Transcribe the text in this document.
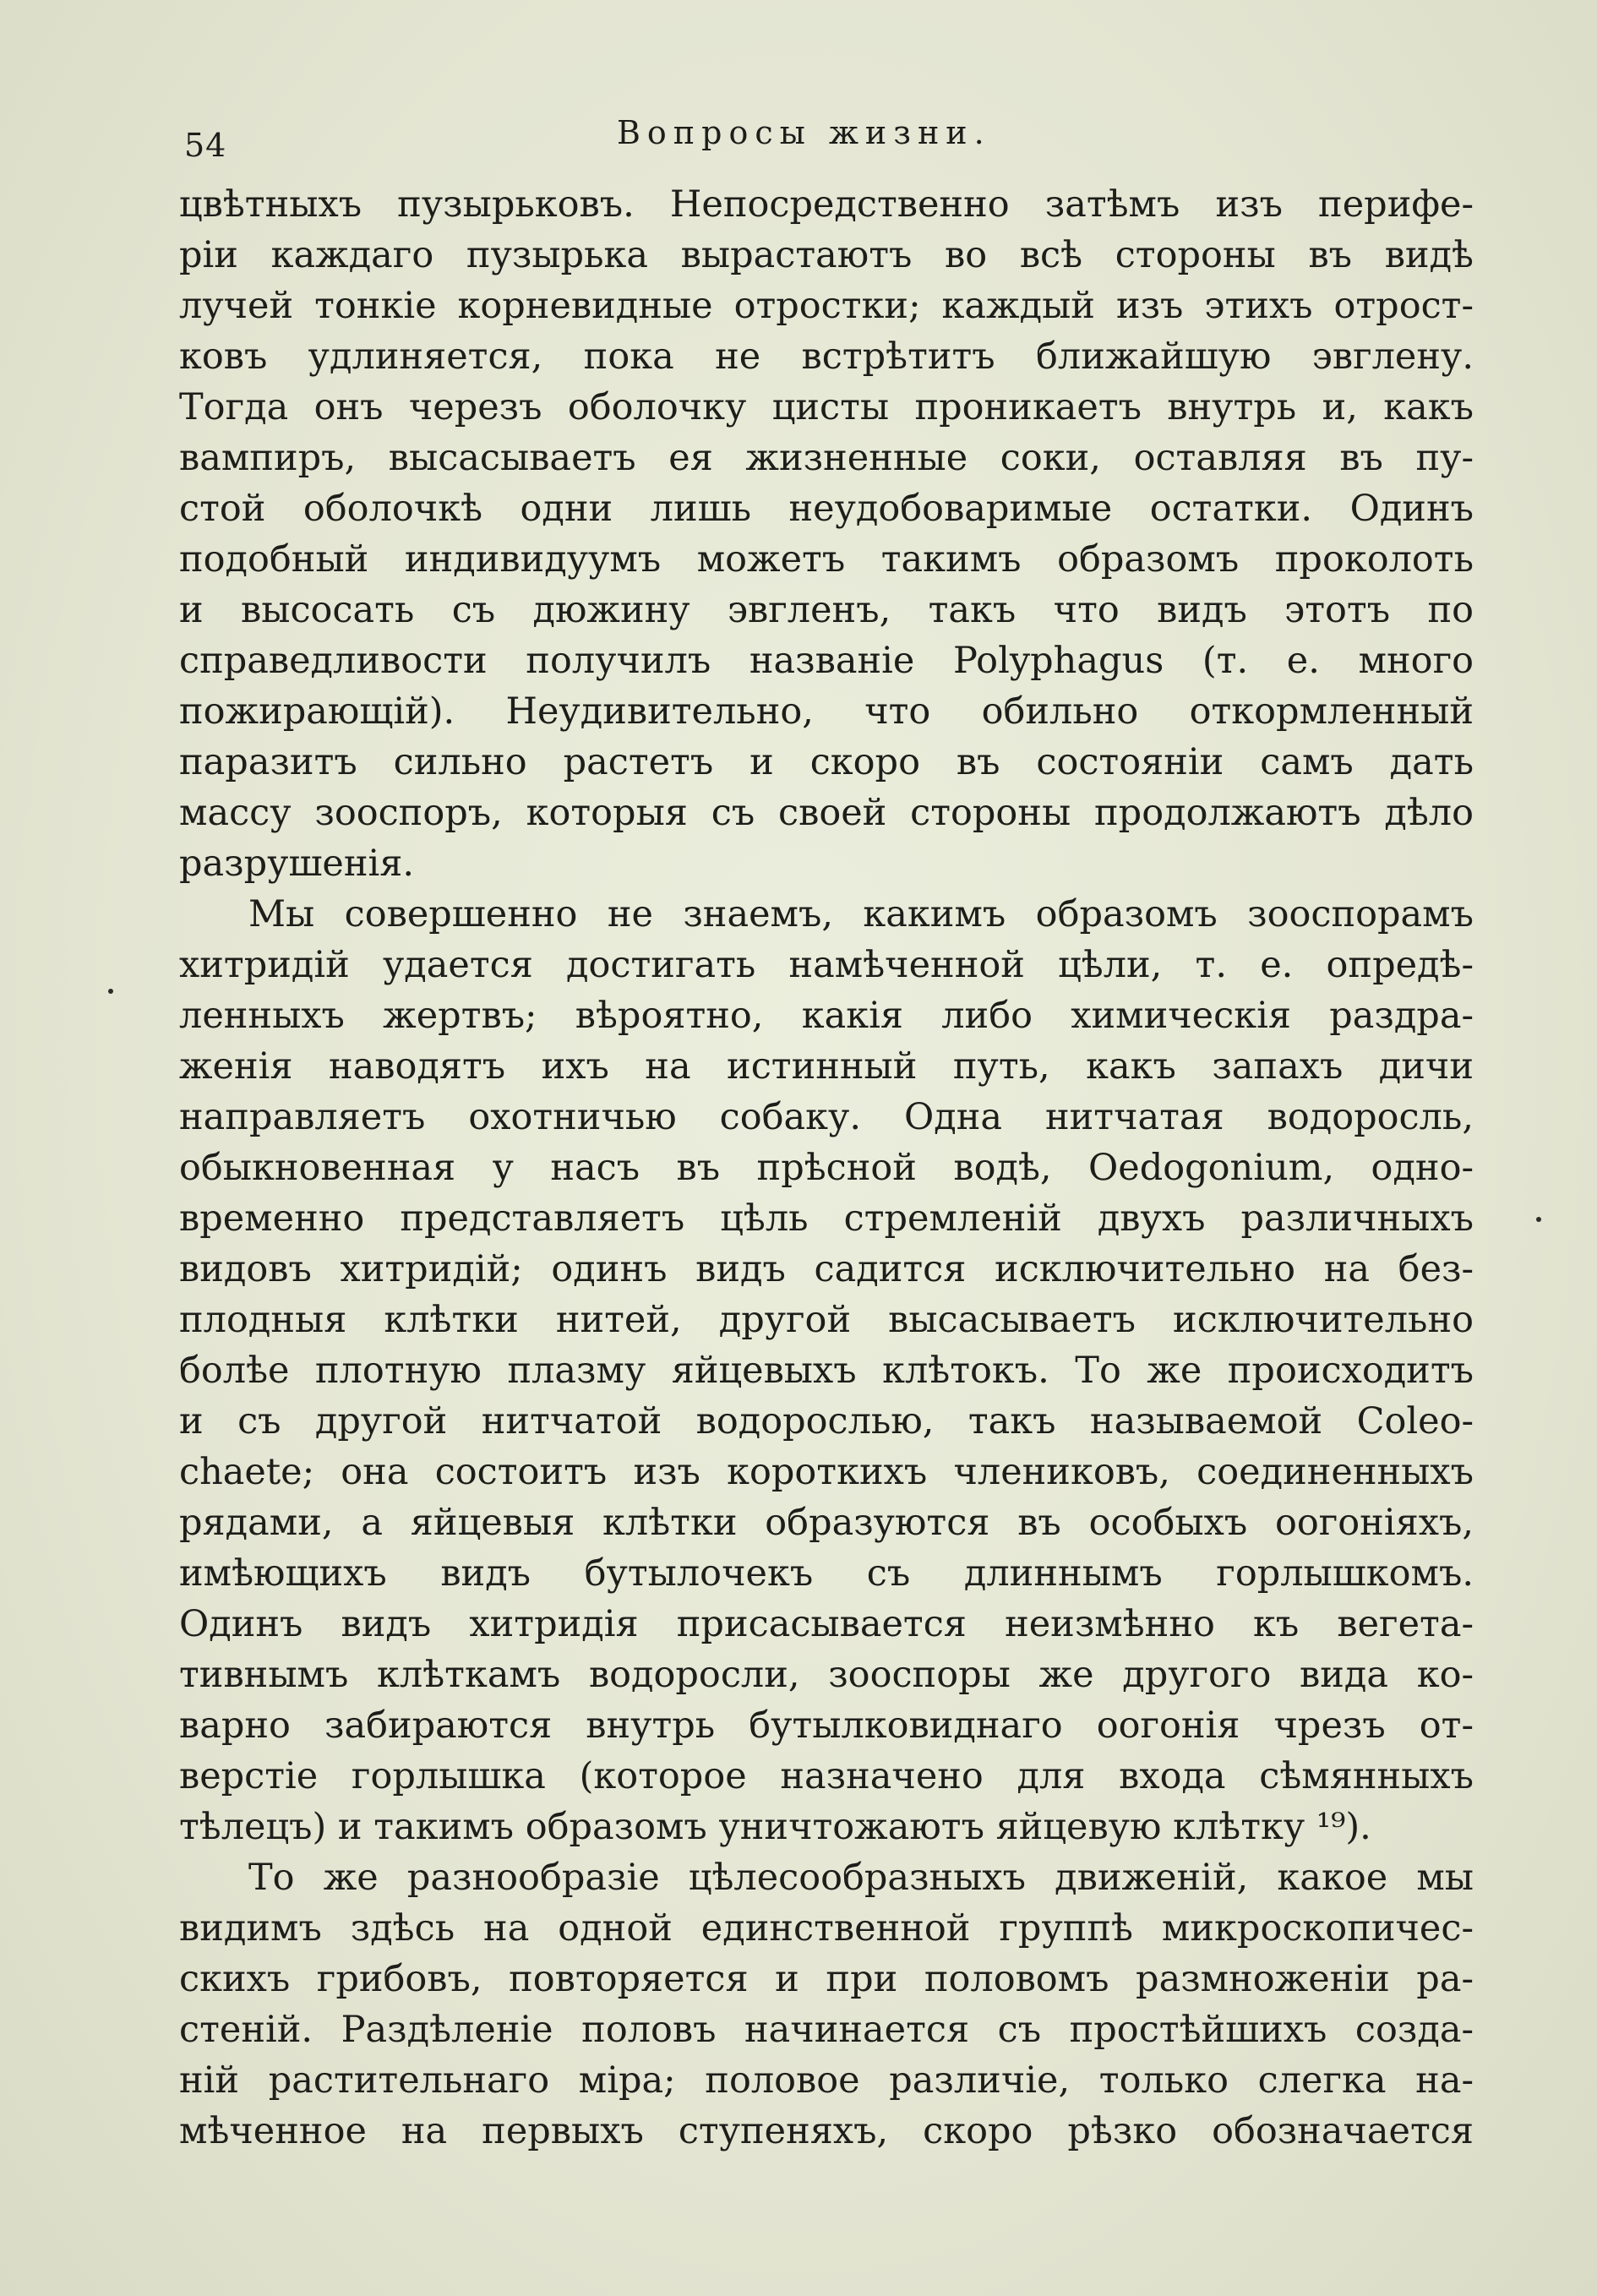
54	Вопросы жизни.
цвѣтныхъ пузырьковъ. Непосредственно затѣмъ изъ перифе-
ріи каждаго пузырька вырастаютъ во всѣ стороны въ видѣ
лучей тонкіе корневидные отростки; каждый изъ этихъ отрост-
ковъ удлиняется, пока не встрѣтитъ ближайшую эвглену.
Тогда онъ черезъ оболочку цисты проникаетъ внутрь и, какъ
вампиръ, высасываетъ ея жизненные соки, оставляя въ пу-
стой оболочкѣ одни лишь неудобоваримые остатки. Одинъ
подобный индивидуумъ можетъ такимъ образомъ проколоть
и высосать съ дюжину эвгленъ, такъ что видъ этотъ по
справедливости получилъ названіе Polyphagus (т. е. много
пожирающій). Неудивительно, что обильно откормленный
паразитъ сильно растетъ и скоро въ состояніи самъ дать
массу зооспоръ, которыя съ своей стороны продолжаютъ дѣло
разрушенія.
Мы совершенно не знаемъ, какимъ образомъ зооспорамъ
хитридій удается достигать намѣченной цѣли, т. е. опредѣ-
ленныхъ жертвъ; вѣроятно, какія либо химическія раздра-
женія наводятъ ихъ на истинный путь, какъ запахъ дичи
направляетъ охотничью собаку. Одна нитчатая водоросль,
обыкновенная у насъ въ прѣсной водѣ, Oedogonium, одно-
временно представляетъ цѣль стремленій двухъ различныхъ
видовъ хитридій; одинъ видъ садится исключительно на без-
плодныя клѣтки нитей, другой высасываетъ исключительно
болѣе плотную плазму яйцевыхъ клѣтокъ. То же происходитъ
и съ другой нитчатой водорослью, такъ называемой Coleo-
chaete; она состоитъ изъ короткихъ члениковъ, соединенныхъ
рядами, а яйцевыя клѣтки образуются въ особыхъ оогоніяхъ,
имѣющихъ видъ бутылочекъ съ длиннымъ горлышкомъ.
Одинъ видъ хитридія присасывается неизмѣнно къ вегета-
тивнымъ клѣткамъ водоросли, зооспоры же другого вида ко-
варно забираются внутрь бутылковиднаго оогонія чрезъ от-
верстіе горлышка (которое назначено для входа сѣмянныхъ
тѣлецъ) и такимъ образомъ уничтожаютъ яйцевую клѣтку ¹⁹).
То же разнообразіе цѣлесообразныхъ движеній, какое мы
видимъ здѣсь на одной единственной группѣ микроскопичес-
скихъ грибовъ, повторяется и при половомъ размноженіи ра-
стеній. Раздѣленіе половъ начинается съ простѣйшихъ созда-
ній растительнаго міра; половое различіе, только слегка на-
мѣченное на первыхъ ступеняхъ, скоро рѣзко обозначается
